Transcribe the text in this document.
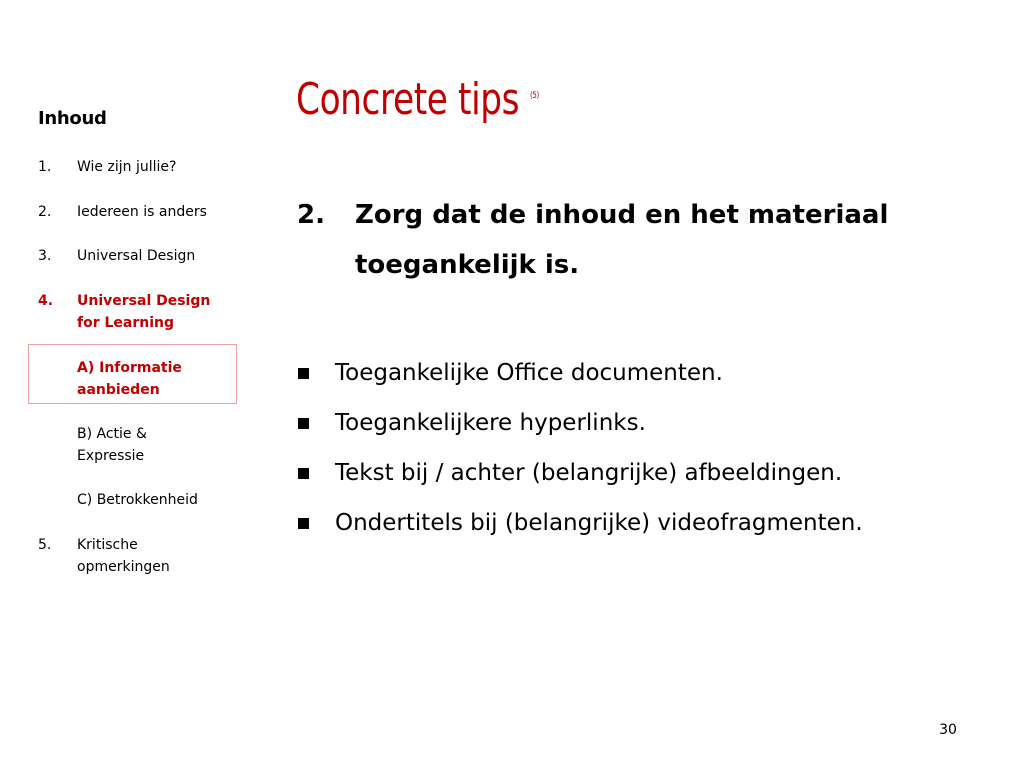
Inhoud
1.	Wie zijn jullie?
2.	Iedereen is anders
3.	Universal Design
4.	Universal Design for Learning
A) Informatie aanbieden
B) Actie & Expressie
C) Betrokkenheid
5.	Kritische opmerkingen
Concrete tips $^{(5)}$
2.	Zorg dat de inhoud en het materiaal toegankelijk is.
Toegankelijke Office documenten.
Toegankelijkere hyperlinks.
Tekst bij / achter (belangrijke) afbeeldingen.
Ondertitels bij (belangrijke) videofragmenten.
30
